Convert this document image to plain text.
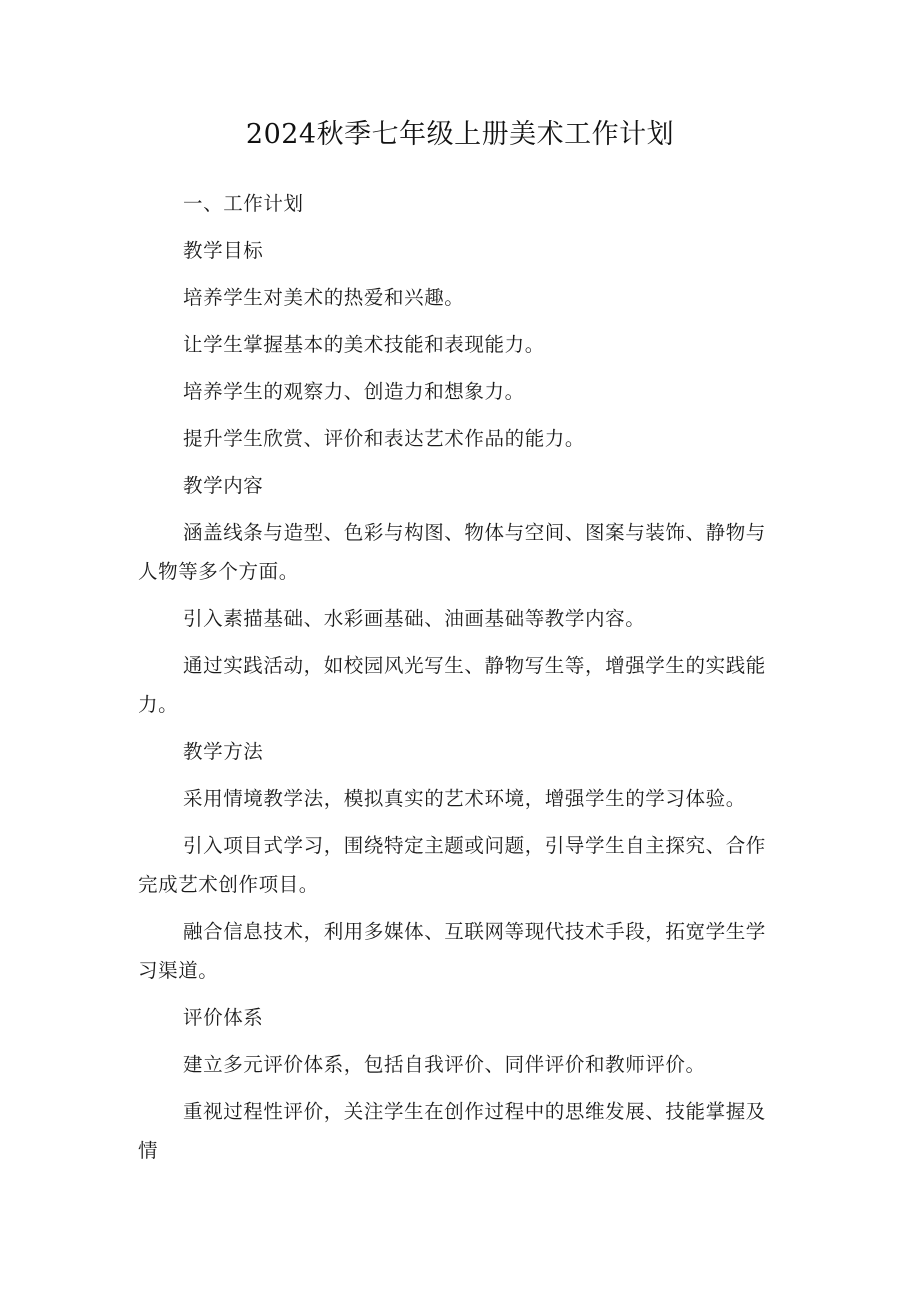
2024秋季七年级上册美术工作计划

一、工作计划

教学目标

培养学生对美术的热爱和兴趣。

让学生掌握基本的美术技能和表现能力。

培养学生的观察力、创造力和想象力。

提升学生欣赏、评价和表达艺术作品的能力。

教学内容

涵盖线条与造型、色彩与构图、物体与空间、图案与装饰、静物与人物等多个方面。

引入素描基础、水彩画基础、油画基础等教学内容。

通过实践活动，如校园风光写生、静物写生等，增强学生的实践能力。

教学方法

采用情境教学法，模拟真实的艺术环境，增强学生的学习体验。

引入项目式学习，围绕特定主题或问题，引导学生自主探究、合作完成艺术创作项目。

融合信息技术，利用多媒体、互联网等现代技术手段，拓宽学生学习渠道。

评价体系

建立多元评价体系，包括自我评价、同伴评价和教师评价。

重视过程性评价，关注学生在创作过程中的思维发展、技能掌握及情
